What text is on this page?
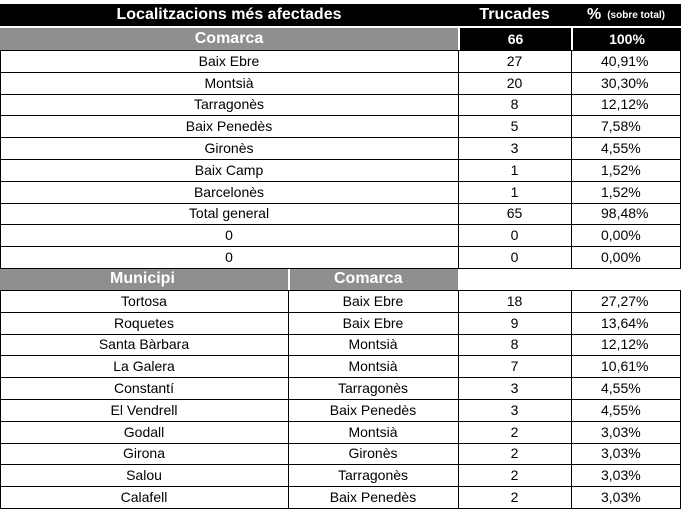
Localitzacions més afectades	Trucades	% (sobre total)
Comarca	66	100%
Baix Ebre	27	40,91%
Montsià	20	30,30%
Tarragonès	8	12,12%
Baix Penedès	5	7,58%
Gironès	3	4,55%
Baix Camp	1	1,52%
Barcelonès	1	1,52%
Total general	65	98,48%
0	0	0,00%
0	0	0,00%
Municipi	Comarca
Tortosa	Baix Ebre	18	27,27%
Roquetes	Baix Ebre	9	13,64%
Santa Bàrbara	Montsià	8	12,12%
La Galera	Montsià	7	10,61%
Constantí	Tarragonès	3	4,55%
El Vendrell	Baix Penedès	3	4,55%
Godall	Montsià	2	3,03%
Girona	Gironès	2	3,03%
Salou	Tarragonès	2	3,03%
Calafell	Baix Penedès	2	3,03%
